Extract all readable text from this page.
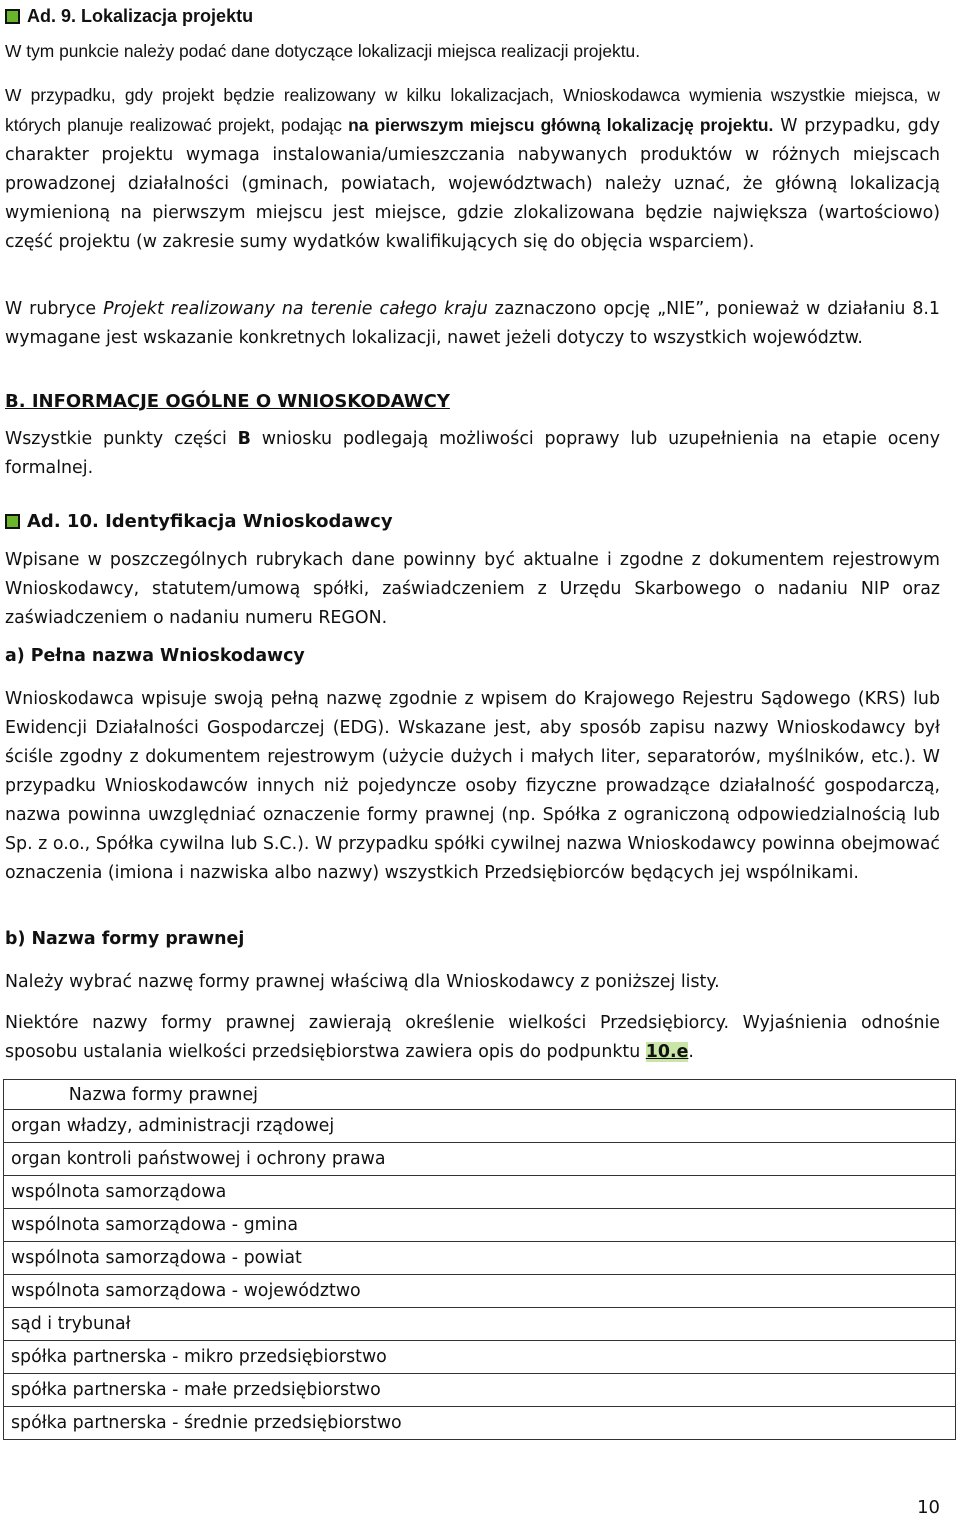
Ad. 9. Lokalizacja projektu

W tym punkcie należy podać dane dotyczące lokalizacji miejsca realizacji projektu.

W przypadku, gdy projekt będzie realizowany w kilku lokalizacjach, Wnioskodawca wymienia wszystkie miejsca, w których planuje realizować projekt, podając na pierwszym miejscu główną lokalizację projektu. W przypadku, gdy charakter projektu wymaga instalowania/umieszczania nabywanych produktów w różnych miejscach prowadzonej działalności (gminach, powiatach, województwach) należy uznać, że główną lokalizacją wymienioną na pierwszym miejscu jest miejsce, gdzie zlokalizowana będzie największa (wartościowo) część projektu (w zakresie sumy wydatków kwalifikujących się do objęcia wsparciem).

W rubryce Projekt realizowany na terenie całego kraju zaznaczono opcję „NIE”, ponieważ w działaniu 8.1 wymagane jest wskazanie konkretnych lokalizacji, nawet jeżeli dotyczy to wszystkich województw.

B. INFORMACJE OGÓLNE O WNIOSKODAWCY

Wszystkie punkty części B wniosku podlegają możliwości poprawy lub uzupełnienia na etapie oceny formalnej.

Ad. 10. Identyfikacja Wnioskodawcy

Wpisane w poszczególnych rubrykach dane powinny być aktualne i zgodne z dokumentem rejestrowym Wnioskodawcy, statutem/umową spółki, zaświadczeniem z Urzędu Skarbowego o nadaniu NIP oraz zaświadczeniem o nadaniu numeru REGON.

a) Pełna nazwa Wnioskodawcy

Wnioskodawca wpisuje swoją pełną nazwę zgodnie z wpisem do Krajowego Rejestru Sądowego (KRS) lub Ewidencji Działalności Gospodarczej (EDG). Wskazane jest, aby sposób zapisu nazwy Wnioskodawcy był ściśle zgodny z dokumentem rejestrowym (użycie dużych i małych liter, separatorów, myślników, etc.). W przypadku Wnioskodawców innych niż pojedyncze osoby fizyczne prowadzące działalność gospodarczą, nazwa powinna uwzględniać oznaczenie formy prawnej (np. Spółka z ograniczoną odpowiedzialnością lub Sp. z o.o., Spółka cywilna lub S.C.). W przypadku spółki cywilnej nazwa Wnioskodawcy powinna obejmować oznaczenia (imiona i nazwiska albo nazwy) wszystkich Przedsiębiorców będących jej wspólnikami.

b) Nazwa formy prawnej

Należy wybrać nazwę formy prawnej właściwą dla Wnioskodawcy z poniższej listy.

Niektóre nazwy formy prawnej zawierają określenie wielkości Przedsiębiorcy. Wyjaśnienia odnośnie sposobu ustalania wielkości przedsiębiorstwa zawiera opis do podpunktu 10.e.

	Nazwa formy prawnej
organ władzy, administracji rządowej
organ kontroli państwowej i ochrony prawa
wspólnota samorządowa
wspólnota samorządowa - gmina
wspólnota samorządowa - powiat
wspólnota samorządowa - województwo
sąd i trybunał
spółka partnerska - mikro przedsiębiorstwo
spółka partnerska - małe przedsiębiorstwo
spółka partnerska - średnie przedsiębiorstwo
10
